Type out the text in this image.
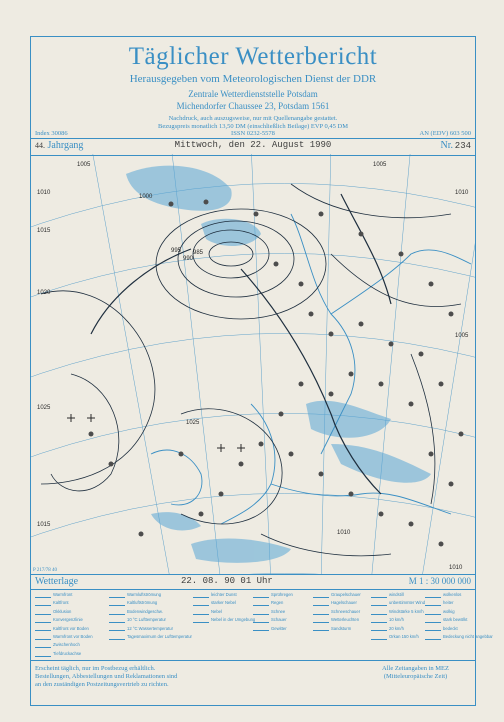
Täglicher Wetterbericht
Herausgegeben vom Meteorologischen Dienst der DDR
Zentrale Wetterdienststelle Potsdam
Michendorfer Chaussee 23, Potsdam 1561
Nachdruck, auch auszugsweise, nur mit Quellenangabe gestattet.
Bezugspreis monatlich 13,50 DM (einschließlich Beilage) EVP 0,45 DM
Index 30086	ISSN 0232-5578	AN (EDV) 603 500
44. Jahrgang	Mittwoch, den 22. August 1990	Nr. 234
1005
1010
1015
1020
1025
1025
1000
995
990
985
1005
1010
1005
1010
1010
1015
P 217/78 40
Wetterlage	22. 08. 90 01 Uhr	M 1 : 30 000 000
Warmfront
Kaltfront
Okklusion
Konvergenzlinie
Kaltfront vor Boden
Warmfront vor Boden
Zwischenhoch
Tiefdruckachse
Warmluftströmung
Kaltluftströmung
Bodenwindgeschw.
10 °C Lufttemperatur
12 °C Wassertemperatur
Tagesmaximum der Lufttemperatur
leichter Dunst
starker Nebel
Nebel
Nebel in der Umgebung
Sprühregen
Regen
Schnee
Schauer
Gewitter
Graupelschauer
Hagelschauer
Schneeschauer
Wetterleuchten
Sandsturm
windstill
unbestimmter Wind
Windstärke 5 km/h
10 km/h
20 km/h
Orkan 150 km/h
wolkenlos
heiter
wolkig
stark bewölkt
bedeckt
Bedeckung nicht angebbar
Erscheint täglich, nur im Postbezug erhältlich.
Bestellungen, Abbestellungen und Reklamationen sind
an den zuständigen Postzeitungsvertrieb zu richten.
Alle Zeitangaben in MEZ
(Mitteleuropäische Zeit)
